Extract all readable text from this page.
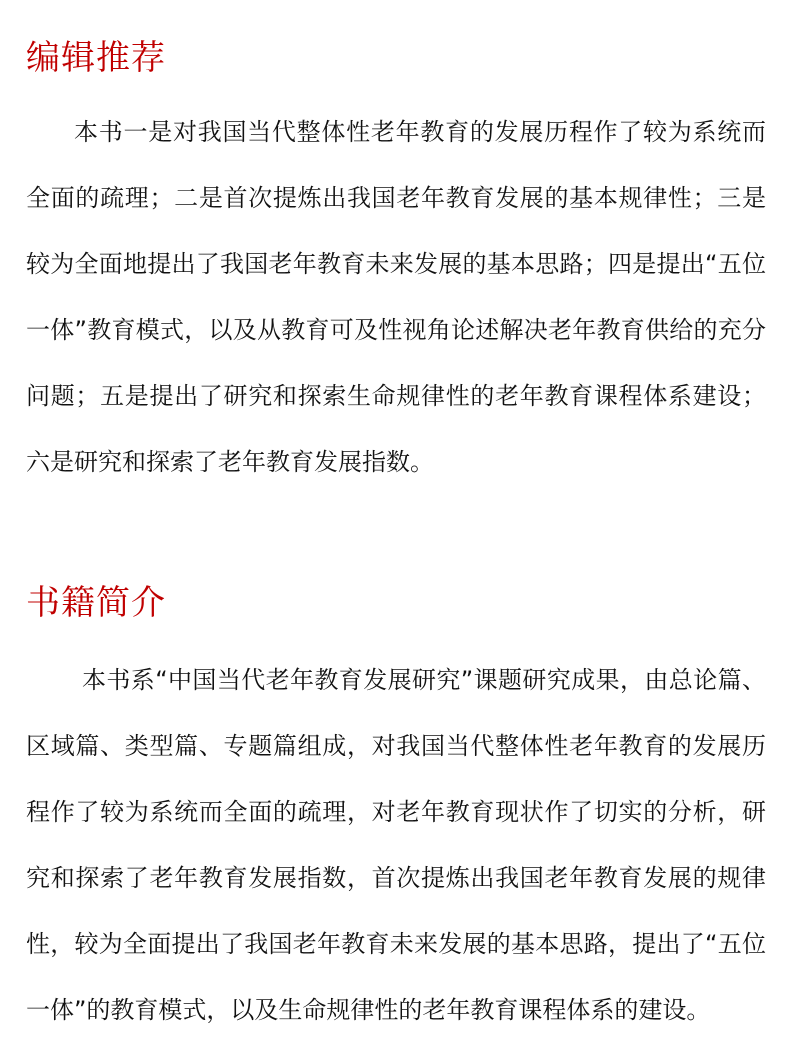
编辑推荐

本书一是对我国当代整体性老年教育的发展历程作了较为系统而全面的疏理；二是首次提炼出我国老年教育发展的基本规律性；三是较为全面地提出了我国老年教育未来发展的基本思路；四是提出“五位一体”教育模式，以及从教育可及性视角论述解决老年教育供给的充分问题；五是提出了研究和探索生命规律性的老年教育课程体系建设；六是研究和探索了老年教育发展指数。

书籍简介

本书系“中国当代老年教育发展研究”课题研究成果，由总论篇、区域篇、类型篇、专题篇组成，对我国当代整体性老年教育的发展历程作了较为系统而全面的疏理，对老年教育现状作了切实的分析，研究和探索了老年教育发展指数，首次提炼出我国老年教育发展的规律性，较为全面提出了我国老年教育未来发展的基本思路，提出了“五位一体”的教育模式，以及生命规律性的老年教育课程体系的建设。
